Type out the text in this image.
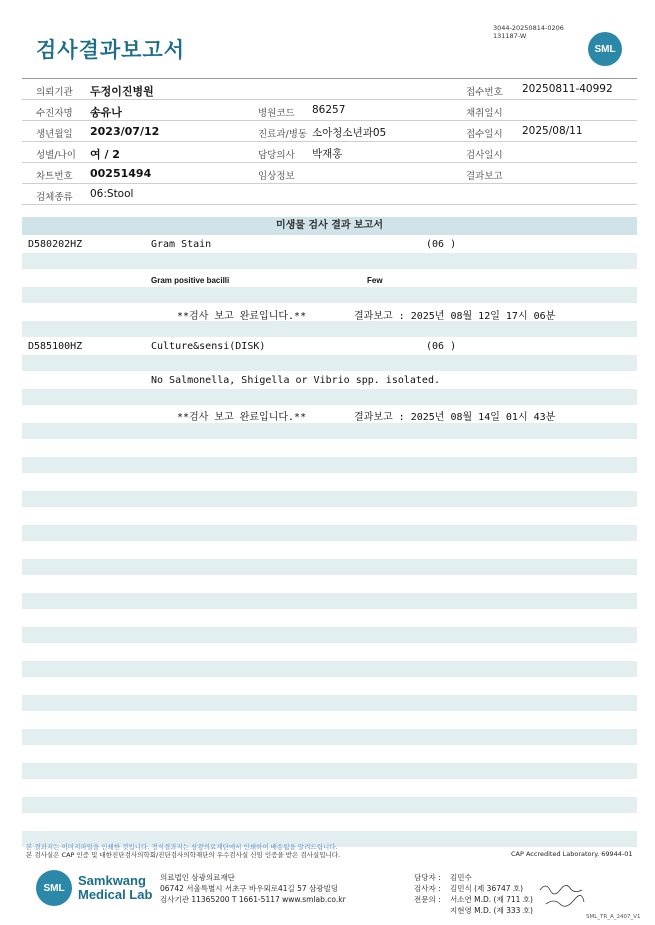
검사결과보고서
3044-20250814-0206
131187-W
SML
의뢰기관 두정이진병원	접수번호 20250811-40992
수진자명 송유나	병원코드 86257	채취일시
생년월일 2023/07/12	진료과/병동 소아청소년과05	접수일시 2025/08/11
성별/나이 여 / 2	담당의사 박재홍	검사일시
차트번호 00251494	임상정보	결과보고
검체종류 06:Stool
미생물 검사 결과 보고서
D580202HZ	Gram Stain	(06 )
Gram positive bacilli	Few
**검사 보고 완료입니다.**	결과보고 : 2025년 08월 12일 17시 06분
D585100HZ	Culture&sensi(DISK)	(06 )
No Salmonella, Shigella or Vibrio spp. isolated.
**검사 보고 완료입니다.**	결과보고 : 2025년 08월 14일 01시 43분
본 결과지는 이미지파일을 인쇄한 것입니다. 정식결과지는 삼광의료재단에서 인쇄하여 배송됨을 알려드립니다.
본 검사실은 CAP 인증 및 대한진단검사의학회/진단검사의학재단의 우수검사실 신임 인증을 받은 검사실입니다.	CAP Accredited Laboratory. 69944-01
SML	Samkwang
Medical Lab
의료법인 삼광의료재단
06742 서울특별시 서초구 바우뫼로41길 57 삼광빌딩
검사기관 11365200 T 1661-5117 www.smlab.co.kr
담당자 : 김민수
검사자 : 김민식 (제 36747 호)
전문의 : 서소연 M.D. (제 711 호)
지현영 M.D. (제 333 호)
SML_TR_A_2407_V1
